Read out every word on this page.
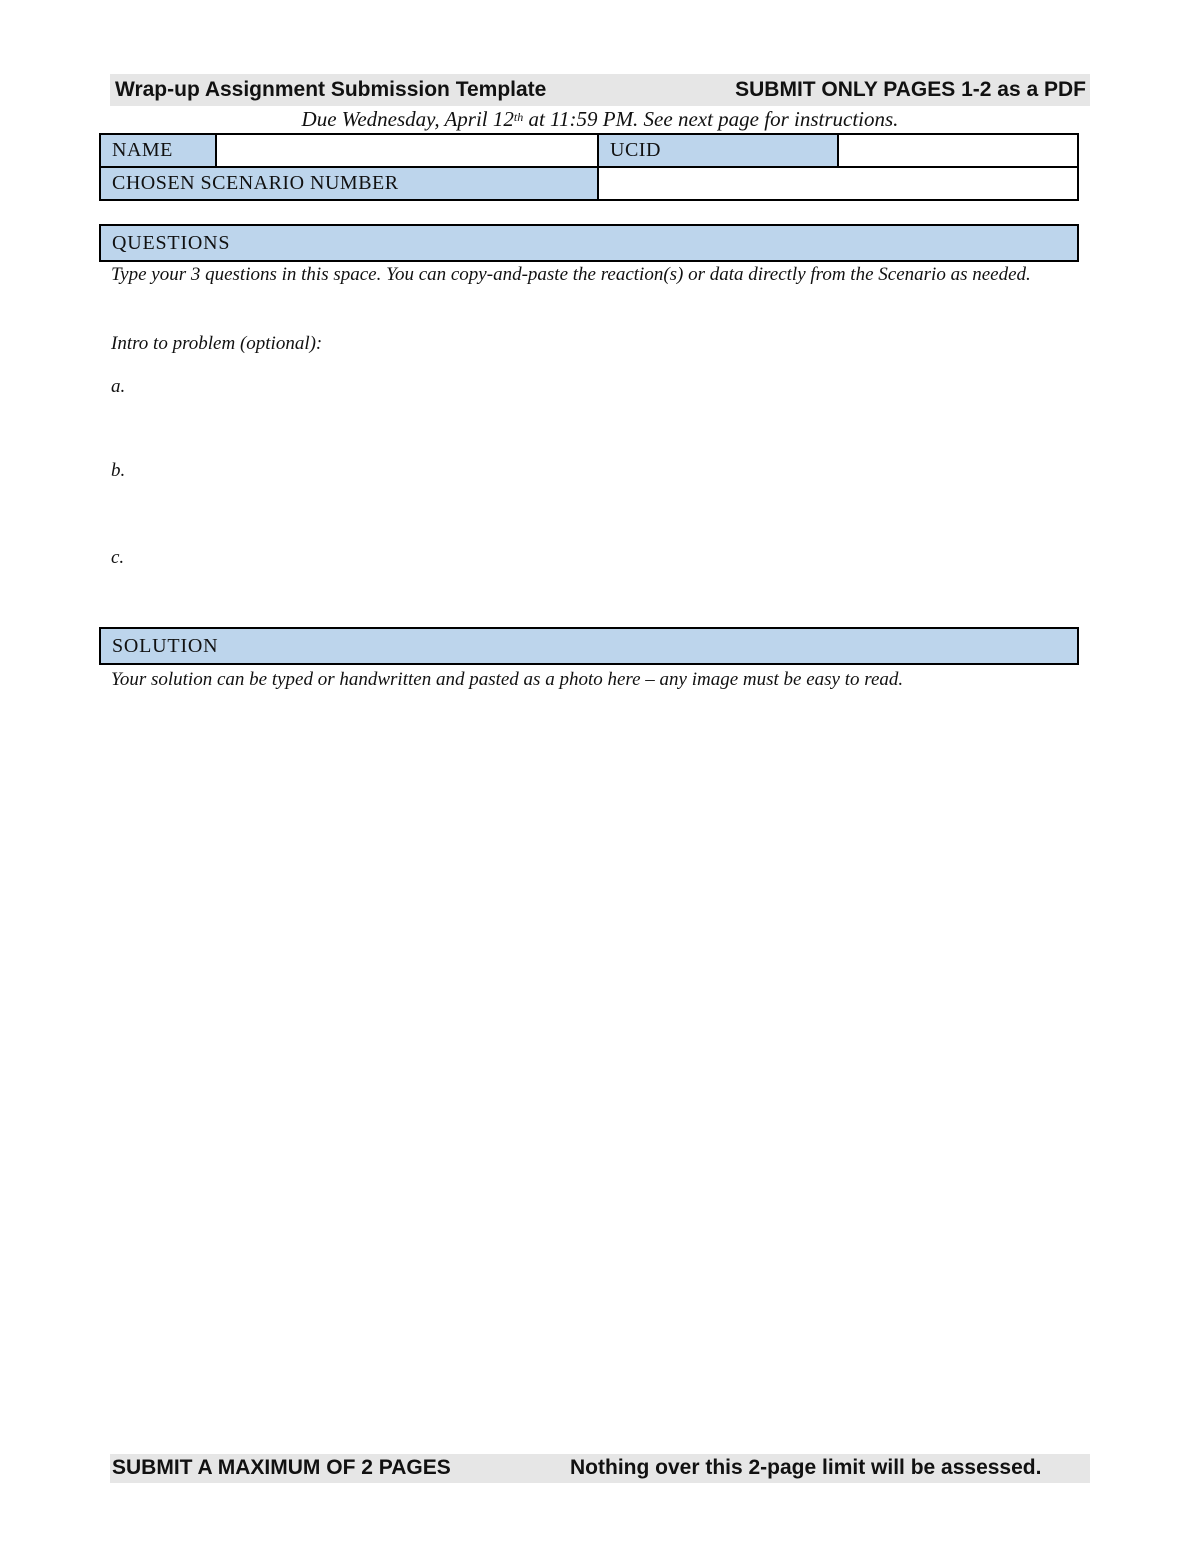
Wrap-up Assignment Submission Template	SUBMIT ONLY PAGES 1-2 as a PDF
Due Wednesday, April 12th at 11:59 PM. See next page for instructions.
NAME		UCID	
CHOSEN SCENARIO NUMBER			
QUESTIONS
Type your 3 questions in this space. You can copy-and-paste the reaction(s) or data directly from the Scenario as needed.
Intro to problem (optional):
a.
b.
c.
SOLUTION
Your solution can be typed or handwritten and pasted as a photo here – any image must be easy to read.
SUBMIT A MAXIMUM OF 2 PAGES	Nothing over this 2-page limit will be assessed.
